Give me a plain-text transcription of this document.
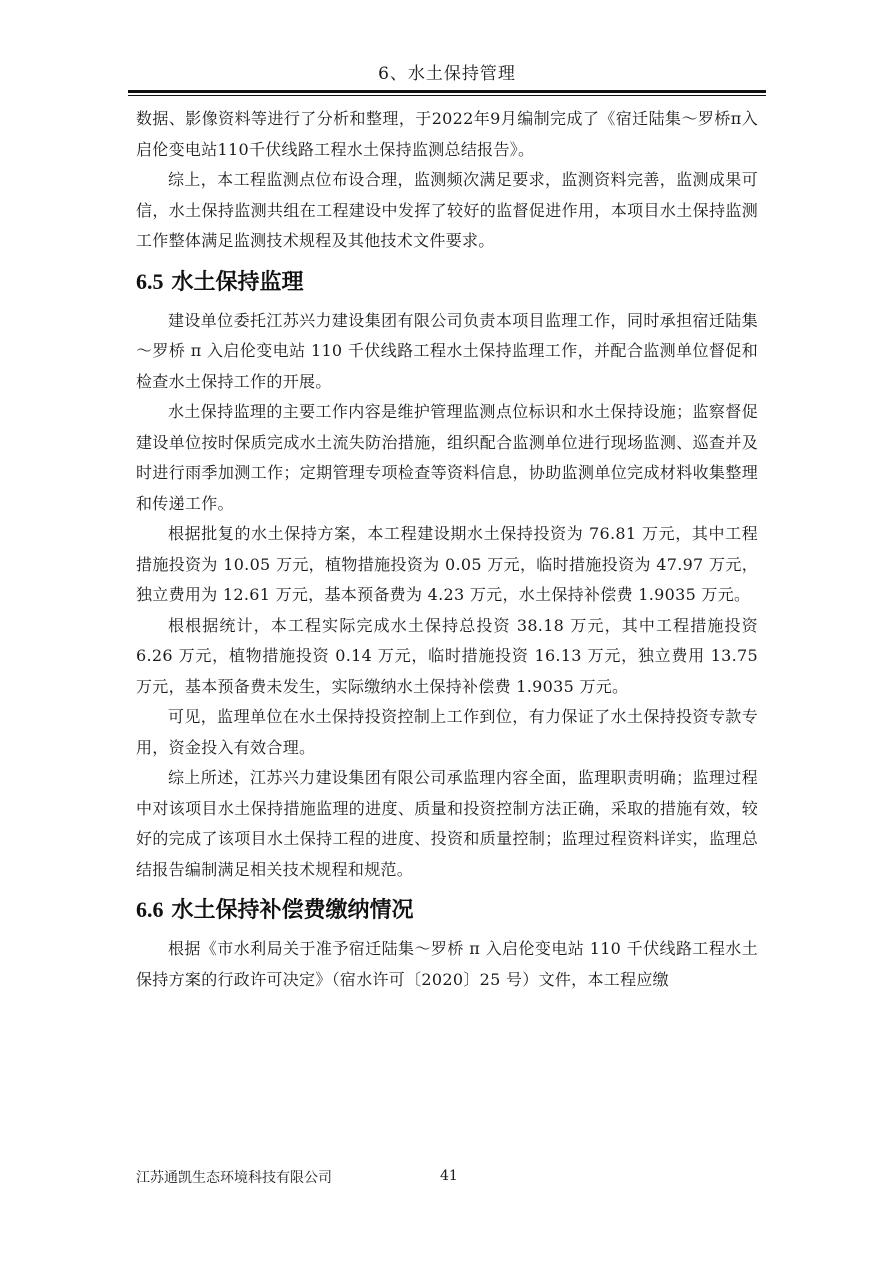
6、水土保持管理

数据、影像资料等进行了分析和整理，于2022年9月编制完成了《宿迁陆集～罗桥π入启伦变电站110千伏线路工程水土保持监测总结报告》。

综上，本工程监测点位布设合理，监测频次满足要求，监测资料完善，监测成果可信，水土保持监测共组在工程建设中发挥了较好的监督促进作用，本项目水土保持监测工作整体满足监测技术规程及其他技术文件要求。

6.5 水土保持监理

建设单位委托江苏兴力建设集团有限公司负责本项目监理工作，同时承担宿迁陆集～罗桥 π 入启伦变电站 110 千伏线路工程水土保持监理工作，并配合监测单位督促和检查水土保持工作的开展。

水土保持监理的主要工作内容是维护管理监测点位标识和水土保持设施；监察督促建设单位按时保质完成水土流失防治措施，组织配合监测单位进行现场监测、巡查并及时进行雨季加测工作；定期管理专项检查等资料信息，协助监测单位完成材料收集整理和传递工作。

根据批复的水土保持方案，本工程建设期水土保持投资为 76.81 万元，其中工程措施投资为 10.05 万元，植物措施投资为 0.05 万元，临时措施投资为 47.97 万元，独立费用为 12.61 万元，基本预备费为 4.23 万元，水土保持补偿费 1.9035 万元。

根根据统计，本工程实际完成水土保持总投资 38.18 万元，其中工程措施投资 6.26 万元，植物措施投资 0.14 万元，临时措施投资 16.13 万元，独立费用 13.75 万元，基本预备费未发生，实际缴纳水土保持补偿费 1.9035 万元。

可见，监理单位在水土保持投资控制上工作到位，有力保证了水土保持投资专款专用，资金投入有效合理。

综上所述，江苏兴力建设集团有限公司承监理内容全面，监理职责明确；监理过程中对该项目水土保持措施监理的进度、质量和投资控制方法正确，采取的措施有效，较好的完成了该项目水土保持工程的进度、投资和质量控制；监理过程资料详实，监理总结报告编制满足相关技术规程和规范。

6.6 水土保持补偿费缴纳情况

根据《市水利局关于准予宿迁陆集～罗桥 π 入启伦变电站 110 千伏线路工程水土保持方案的行政许可决定》（宿水许可〔2020〕25 号）文件，本工程应缴

江苏通凯生态环境科技有限公司	41
